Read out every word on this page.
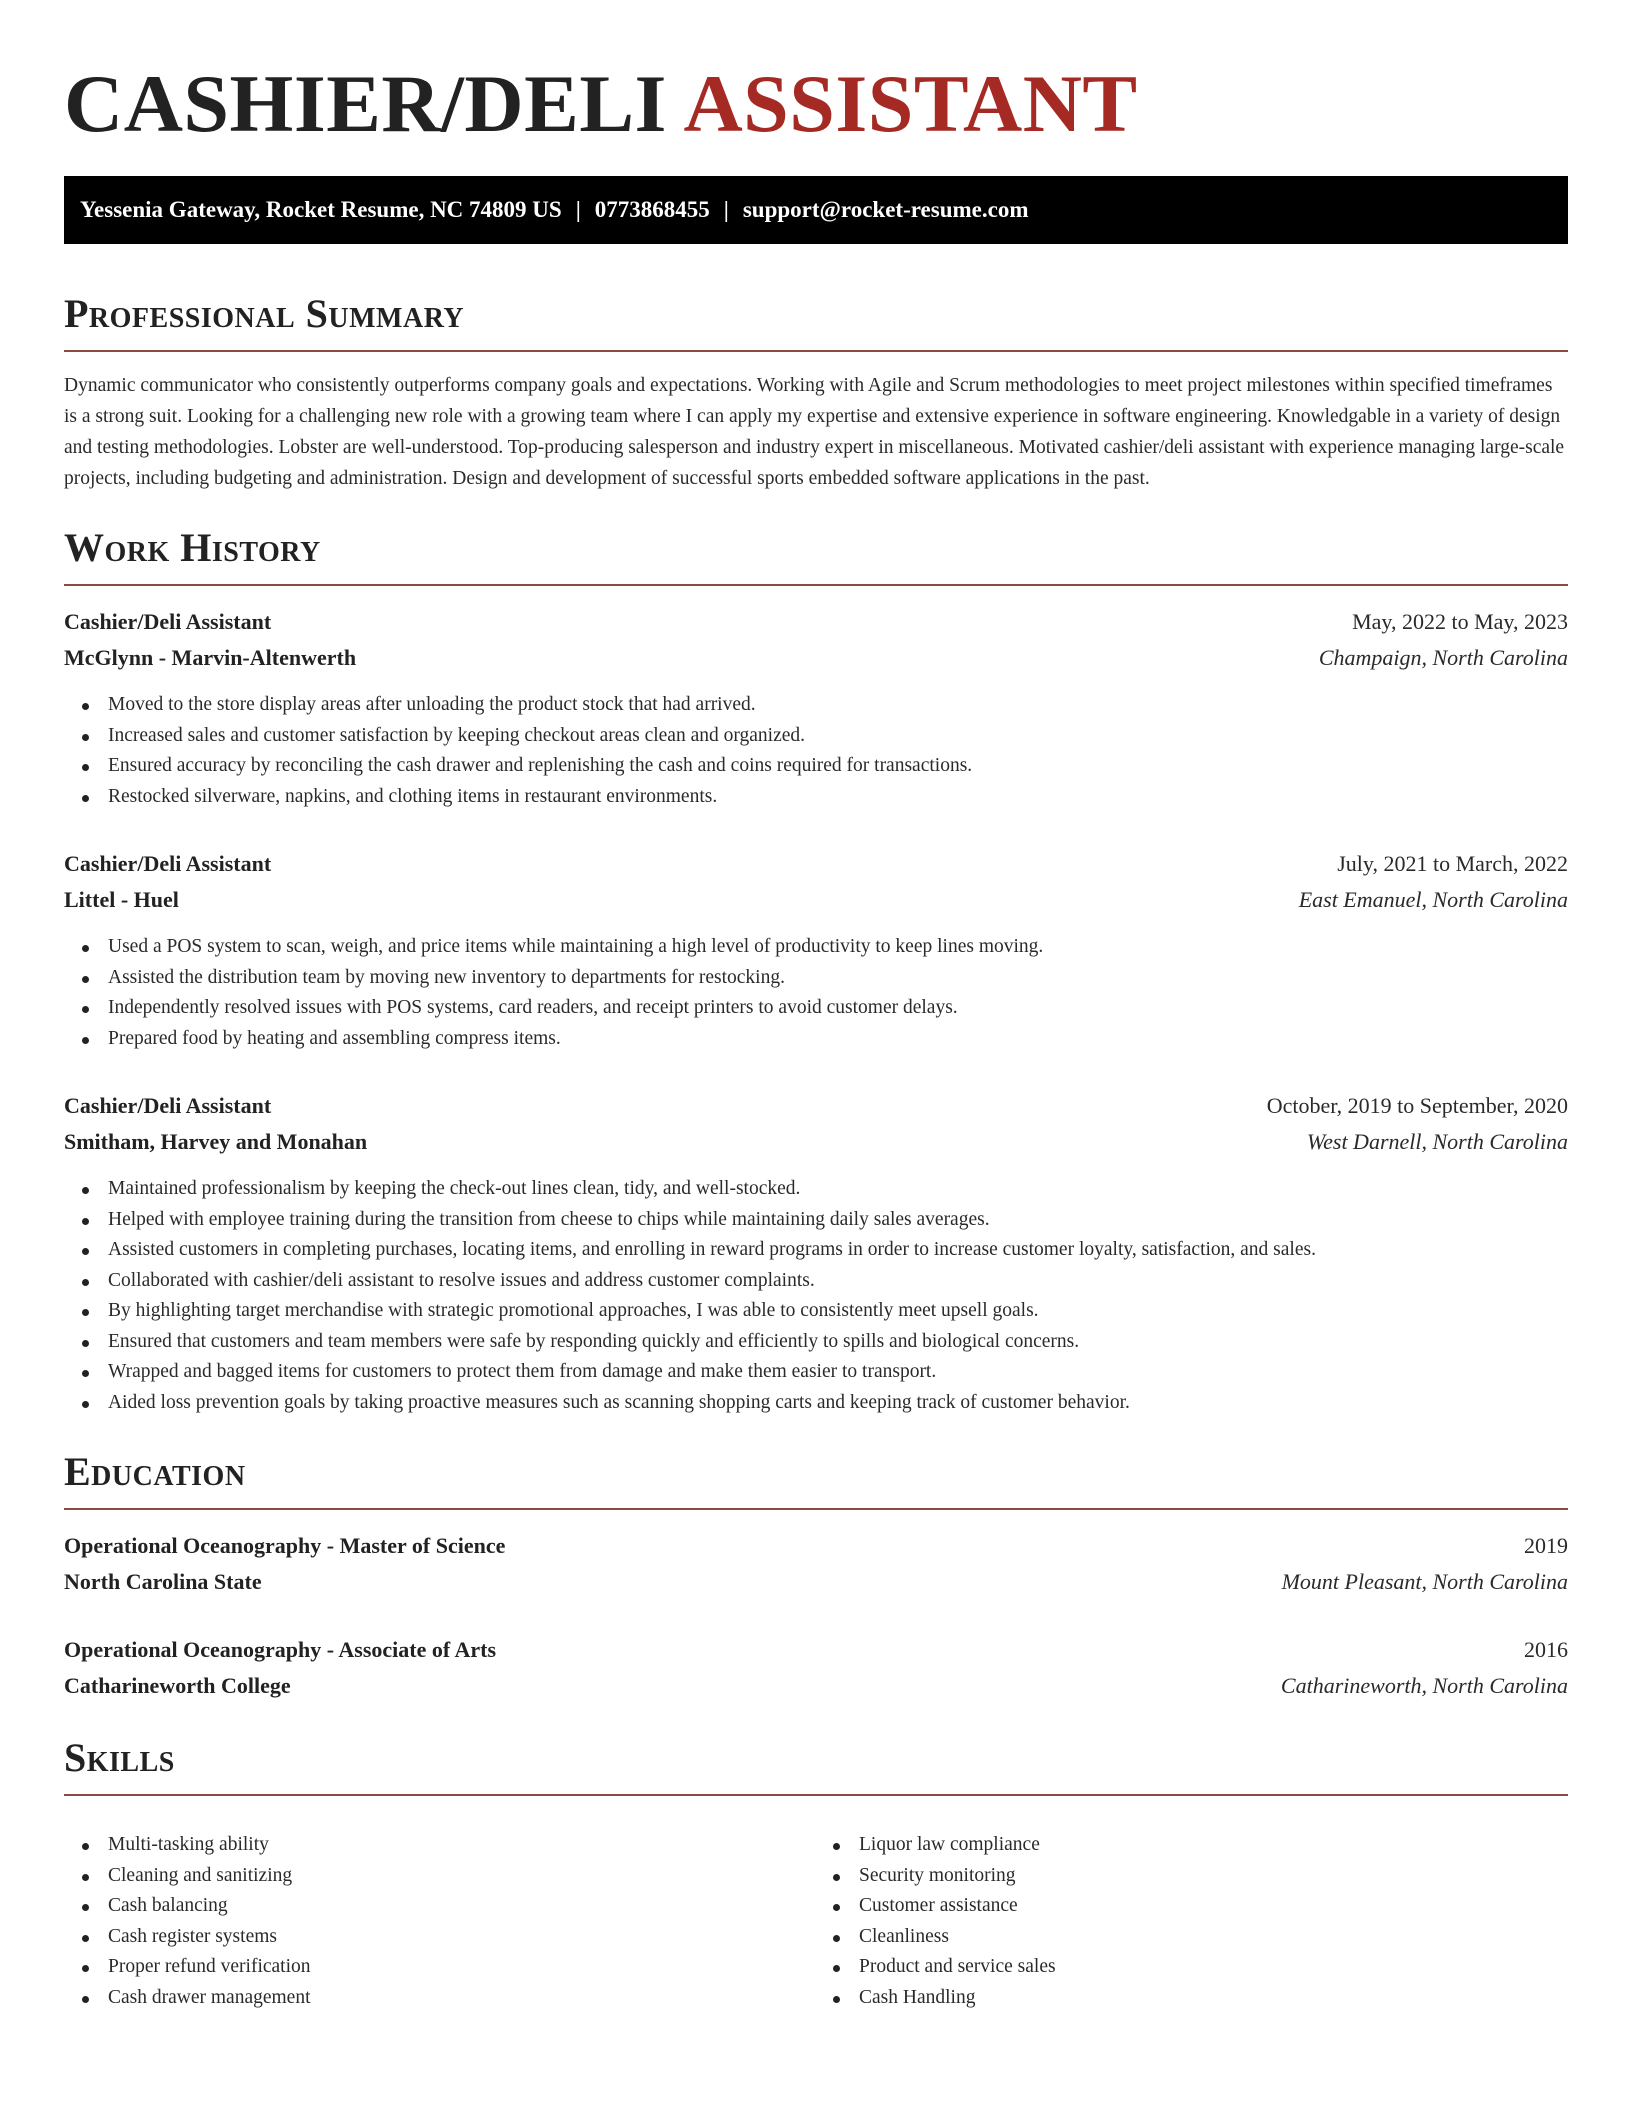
CASHIER/DELI ASSISTANT
Yessenia Gateway, Rocket Resume, NC 74809 US | 0773868455 | support@rocket-resume.com
Professional Summary

Dynamic communicator who consistently outperforms company goals and expectations. Working with Agile and Scrum methodologies to meet project milestones within specified timeframes is a strong suit. Looking for a challenging new role with a growing team where I can apply my expertise and extensive experience in software engineering. Knowledgable in a variety of design and testing methodologies. Lobster are well-understood. Top-producing salesperson and industry expert in miscellaneous. Motivated cashier/deli assistant with experience managing large-scale projects, including budgeting and administration. Design and development of successful sports embedded software applications in the past.

Work History
Cashier/Deli Assistant	May, 2022 to May, 2023
McGlynn - Marvin-Altenwerth	Champaign, North Carolina
Moved to the store display areas after unloading the product stock that had arrived.
Increased sales and customer satisfaction by keeping checkout areas clean and organized.
Ensured accuracy by reconciling the cash drawer and replenishing the cash and coins required for transactions.
Restocked silverware, napkins, and clothing items in restaurant environments.
Cashier/Deli Assistant	July, 2021 to March, 2022
Littel - Huel	East Emanuel, North Carolina
Used a POS system to scan, weigh, and price items while maintaining a high level of productivity to keep lines moving.
Assisted the distribution team by moving new inventory to departments for restocking.
Independently resolved issues with POS systems, card readers, and receipt printers to avoid customer delays.
Prepared food by heating and assembling compress items.
Cashier/Deli Assistant	October, 2019 to September, 2020
Smitham, Harvey and Monahan	West Darnell, North Carolina
Maintained professionalism by keeping the check-out lines clean, tidy, and well-stocked.
Helped with employee training during the transition from cheese to chips while maintaining daily sales averages.
Assisted customers in completing purchases, locating items, and enrolling in reward programs in order to increase customer loyalty, satisfaction, and sales.
Collaborated with cashier/deli assistant to resolve issues and address customer complaints.
By highlighting target merchandise with strategic promotional approaches, I was able to consistently meet upsell goals.
Ensured that customers and team members were safe by responding quickly and efficiently to spills and biological concerns.
Wrapped and bagged items for customers to protect them from damage and make them easier to transport.
Aided loss prevention goals by taking proactive measures such as scanning shopping carts and keeping track of customer behavior.
Education
Operational Oceanography - Master of Science	2019
North Carolina State	Mount Pleasant, North Carolina
Operational Oceanography - Associate of Arts	2016
Catharineworth College	Catharineworth, North Carolina
Skills
Multi-tasking ability
Cleaning and sanitizing
Cash balancing
Cash register systems
Proper refund verification
Cash drawer management
Liquor law compliance
Security monitoring
Customer assistance
Cleanliness
Product and service sales
Cash Handling
